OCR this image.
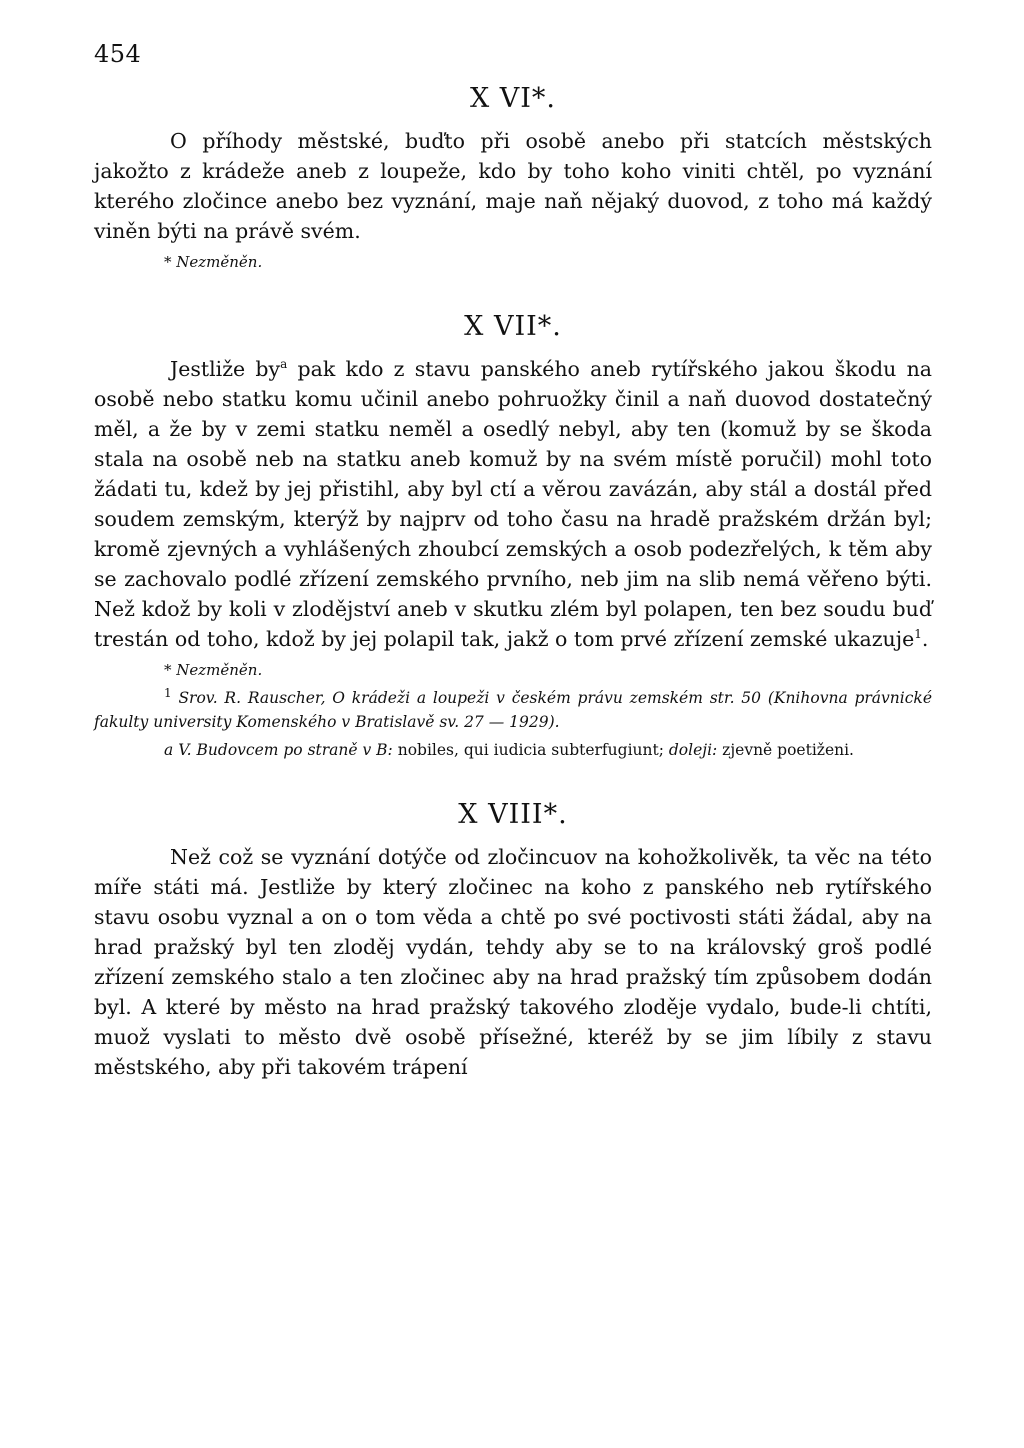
454
X VI*.

O příhody městské, buďto při osobě anebo při statcích městských jakožto z krádeže aneb z loupeže, kdo by toho koho viniti chtěl, po vyznání kterého zločince anebo bez vyznání, maje naň nějaký duovod, z toho má každý viněn býti na právě svém.

* Nezměněn.
X VII*.

Jestliže $by^a$ pak kdo z stavu panského aneb rytířského jakou škodu na osobě nebo statku komu učinil anebo pohruožky činil a naň duovod dostatečný měl, a že by v zemi statku neměl a osedlý nebyl, aby ten (komuž by se škoda stala na osobě neb na statku aneb komuž by na svém místě poručil) mohl toto žádati tu, kdež by jej přistihl, aby byl ctí a věrou zavázán, aby stál a dostál před soudem zemským, kterýž by najprv od toho času na hradě pražském držán byl; kromě zjevných a vyhlášených zhoubcí zemských a osob podezřelých, k těm aby se zachovalo podlé zřízení zemského prvního, neb jim na slib nemá věřeno býti. Než kdož by koli v zlodějství aneb v skutku zlém byl polapen, ten bez soudu buď trestán od toho, kdož by jej polapil tak, jakž o tom prvé zřízení zemské ukazuje$^1$.

* Nezměněn.

$^1$ Srov. R. Rauscher, O krádeži a loupeži v českém právu zemském str. 50 (Knihovna právnické fakulty university Komenského v Bratislavě sv. 27 — 1929).

a V. Budovcem po straně v B: nobiles, qui iudicia subterfugiunt; doleji: zjevně poetiženi.

X VIII*.

Než což se vyznání dotýče od zločincuov na kohožkolivěk, ta věc na této míře státi má. Jestliže by který zločinec na koho z panského neb rytířského stavu osobu vyznal a on o tom věda a chtě po své poctivosti státi žádal, aby na hrad pražský byl ten zloděj vydán, tehdy aby se to na královský groš podlé zřízení zemského stalo a ten zločinec aby na hrad pražský tím způsobem dodán byl. A které by město na hrad pražský takového zloděje vydalo, bude-li chtíti, muož vyslati to město dvě osobě přísežné, kteréž by se jim líbily z stavu městského, aby při takovém trápení
